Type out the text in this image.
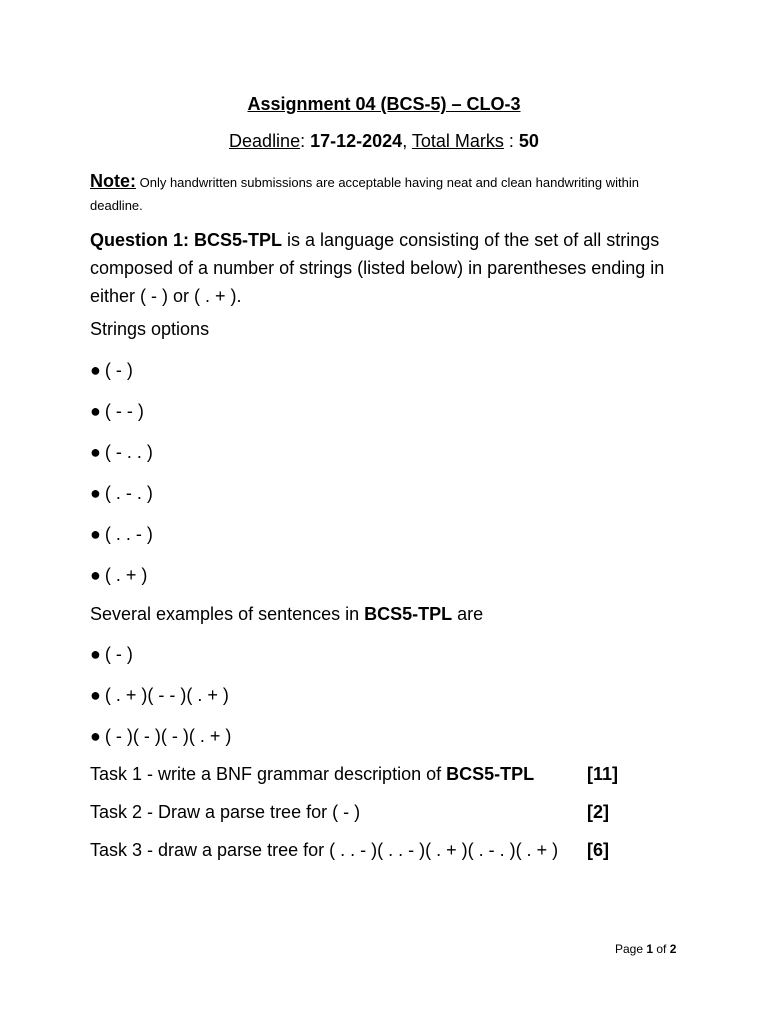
Assignment 04 (BCS-5) – CLO-3
Deadline: 17-12-2024, Total Marks : 50
Note: Only handwritten submissions are acceptable having neat and clean handwriting within deadline.
Question 1: BCS5-TPL is a language consisting of the set of all strings composed of a number of strings (listed below) in parentheses ending in either ( - ) or ( . + ).
Strings options
● ( - )
● ( - - )
● ( - . . )
● ( . - . )
● ( . . - )
● ( . + )
Several examples of sentences in BCS5-TPL are
● ( - )
● ( . + )( - - )( . + )
● ( - )( - )( - )( . + )
Task 1 - write a BNF grammar description of BCS5-TPL	[11]
Task 2 - Draw a parse tree for ( - )	[2]
Task 3 - draw a parse tree for ( . . - )( . . - )( . + )( . - . )( . + ) [6]
Page 1 of 2
